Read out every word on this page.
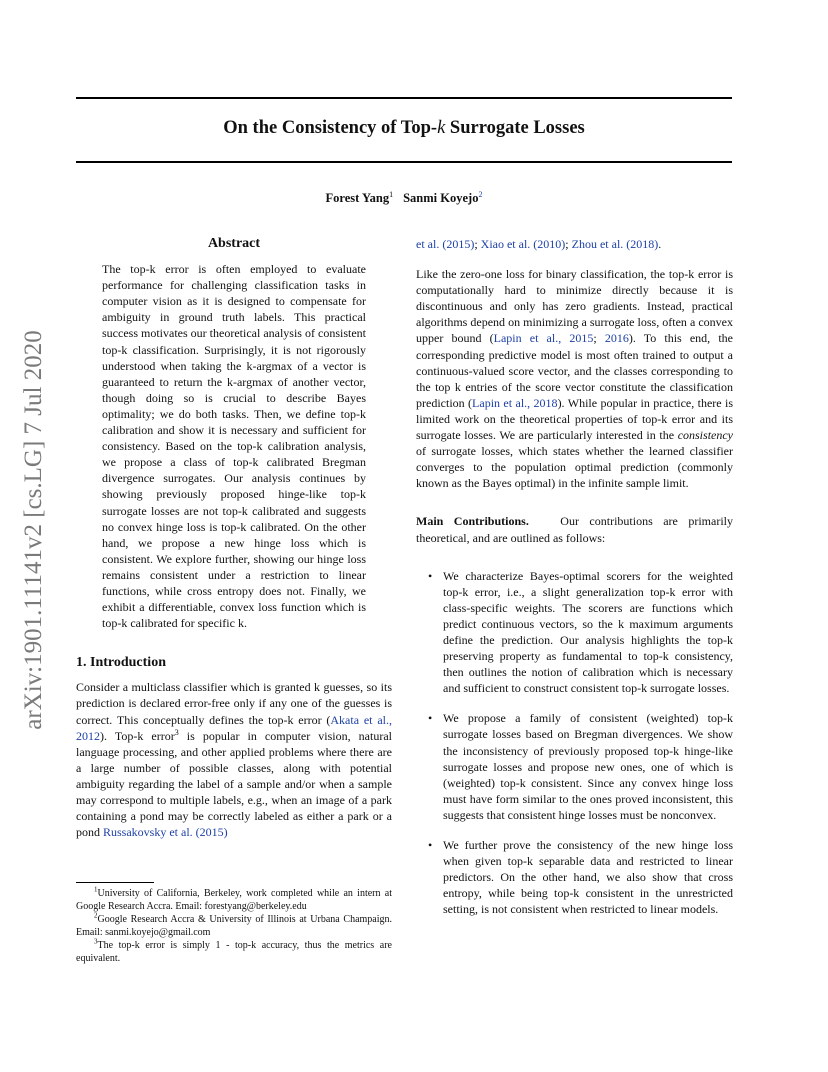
arXiv:1901.11141v2 [cs.LG] 7 Jul 2020
On the Consistency of Top-k Surrogate Losses
Forest Yang$^1$ Sanmi Koyejo$^2$
Abstract

The top-k error is often employed to evaluate performance for challenging classification tasks in computer vision as it is designed to compensate for ambiguity in ground truth labels. This practical success motivates our theoretical analysis of consistent top-k classification. Surprisingly, it is not rigorously understood when taking the k-argmax of a vector is guaranteed to return the k-argmax of another vector, though doing so is crucial to describe Bayes optimality; we do both tasks. Then, we define top-k calibration and show it is necessary and sufficient for consistency. Based on the top-k calibration analysis, we propose a class of top-k calibrated Bregman divergence surrogates. Our analysis continues by showing previously proposed hinge-like top-k surrogate losses are not top-k calibrated and suggests no convex hinge loss is top-k calibrated. On the other hand, we propose a new hinge loss which is consistent. We explore further, showing our hinge loss remains consistent under a restriction to linear functions, while cross entropy does not. Finally, we exhibit a differentiable, convex loss function which is top-k calibrated for specific k.

1. Introduction

Consider a multiclass classifier which is granted k guesses, so its prediction is declared error-free only if any one of the guesses is correct. This conceptually defines the top-k error (Akata et al., 2012). Top-k error$^3$ is popular in computer vision, natural language processing, and other applied problems where there are a large number of possible classes, along with potential ambiguity regarding the label of a sample and/or when a sample may correspond to multiple labels, e.g., when an image of a park containing a pond may be correctly labeled as either a park or a pond Russakovsky et al. (2015)

$^1$University of California, Berkeley, work completed while an intern at Google Research Accra. Email: forestyang@berkeley.edu

$^2$Google Research Accra & University of Illinois at Urbana Champaign. Email: sanmi.koyejo@gmail.com

$^3$The top-k error is simply 1 - top-k accuracy, thus the metrics are equivalent.

et al. (2015); Xiao et al. (2010); Zhou et al. (2018).

Like the zero-one loss for binary classification, the top-k error is computationally hard to minimize directly because it is discontinuous and only has zero gradients. Instead, practical algorithms depend on minimizing a surrogate loss, often a convex upper bound (Lapin et al., 2015; 2016). To this end, the corresponding predictive model is most often trained to output a continuous-valued score vector, and the classes corresponding to the top k entries of the score vector constitute the classification prediction (Lapin et al., 2018). While popular in practice, there is limited work on the theoretical properties of top-k error and its surrogate losses. We are particularly interested in the consistency of surrogate losses, which states whether the learned classifier converges to the population optimal prediction (commonly known as the Bayes optimal) in the infinite sample limit.

Main Contributions.	Our contributions are primarily theoretical, and are outlined as follows:

• We characterize Bayes-optimal scorers for the weighted top-k error, i.e., a slight generalization top-k error with class-specific weights. The scorers are functions which predict continuous vectors, so the k maximum arguments define the prediction. Our analysis highlights the top-k preserving property as fundamental to top-k consistency, then outlines the notion of calibration which is necessary and sufficient to construct consistent top-k surrogate losses.
• We propose a family of consistent (weighted) top-k surrogate losses based on Bregman divergences. We show the inconsistency of previously proposed top-k hinge-like surrogate losses and propose new ones, one of which is (weighted) top-k consistent. Since any convex hinge loss must have form similar to the ones proved inconsistent, this suggests that consistent hinge losses must be nonconvex.
• We further prove the consistency of the new hinge loss when given top-k separable data and restricted to linear predictors. On the other hand, we also show that cross entropy, while being top-k consistent in the unrestricted setting, is not consistent when restricted to linear models.
